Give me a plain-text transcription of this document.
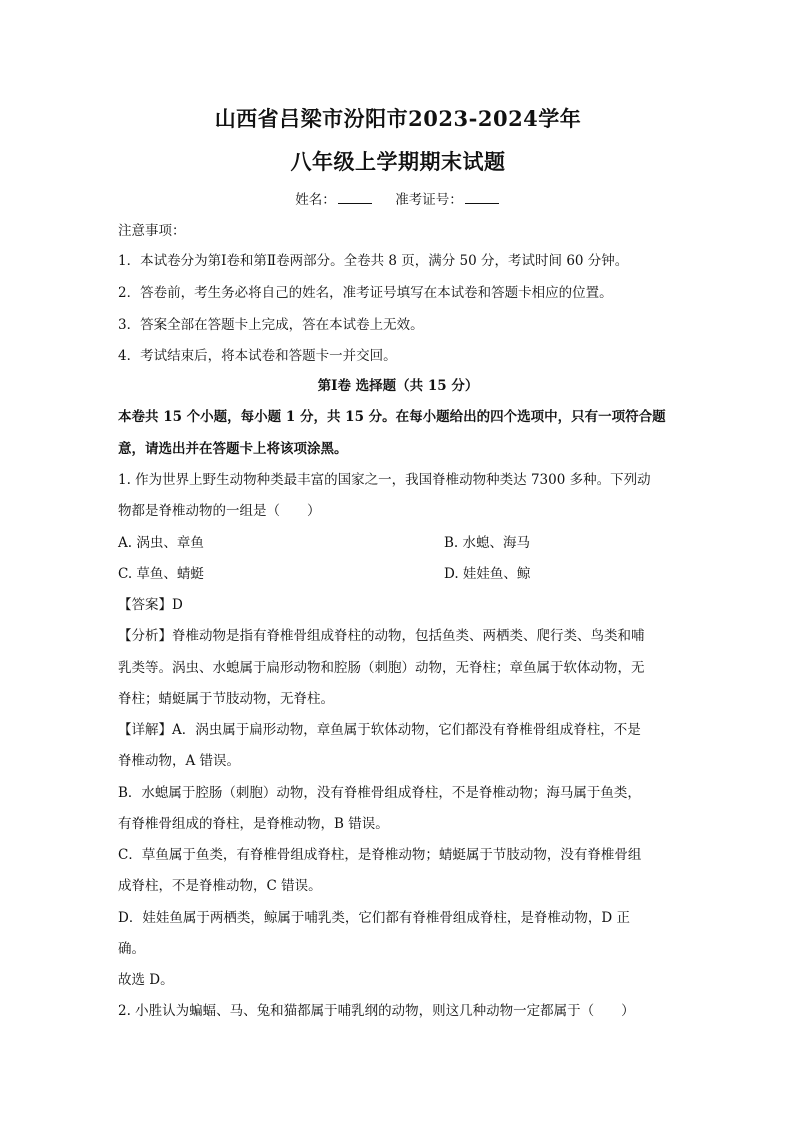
山西省吕梁市汾阳市2023-2024学年
八年级上学期期末试题
姓名：	准考证号：
注意事项：
1．本试卷分为第Ⅰ卷和第Ⅱ卷两部分。全卷共 8 页，满分 50 分，考试时间 60 分钟。
2．答卷前，考生务必将自己的姓名，准考证号填写在本试卷和答题卡相应的位置。
3．答案全部在答题卡上完成，答在本试卷上无效。
4．考试结束后，将本试卷和答题卡一并交回。
第Ⅰ卷 选择题（共 15 分）
本卷共 15 个小题，每小题 1 分，共 15 分。在每小题给出的四个选项中，只有一项符合题
意，请选出并在答题卡上将该项涂黑。
1. 作为世界上野生动物种类最丰富的国家之一，我国脊椎动物种类达 7300 多种。下列动
物都是脊椎动物的一组是（　　）
A. 涡虫、章鱼	B. 水螅、海马
C. 草鱼、蜻蜓	D. 娃娃鱼、鲸
【答案】D
【分析】脊椎动物是指有脊椎骨组成脊柱的动物，包括鱼类、两栖类、爬行类、鸟类和哺
乳类等。涡虫、水螅属于扁形动物和腔肠（刺胞）动物，无脊柱；章鱼属于软体动物，无
脊柱；蜻蜓属于节肢动物，无脊柱。
【详解】A．涡虫属于扁形动物，章鱼属于软体动物，它们都没有脊椎骨组成脊柱，不是
脊椎动物，A 错误。
B．水螅属于腔肠（刺胞）动物，没有脊椎骨组成脊柱，不是脊椎动物；海马属于鱼类，
有脊椎骨组成的脊柱，是脊椎动物，B 错误。
C．草鱼属于鱼类，有脊椎骨组成脊柱，是脊椎动物；蜻蜓属于节肢动物，没有脊椎骨组
成脊柱，不是脊椎动物，C 错误。
D．娃娃鱼属于两栖类，鲸属于哺乳类，它们都有脊椎骨组成脊柱，是脊椎动物，D 正
确。
故选 D。
2. 小胜认为蝙蝠、马、兔和猫都属于哺乳纲的动物，则这几种动物一定都属于（　　）
